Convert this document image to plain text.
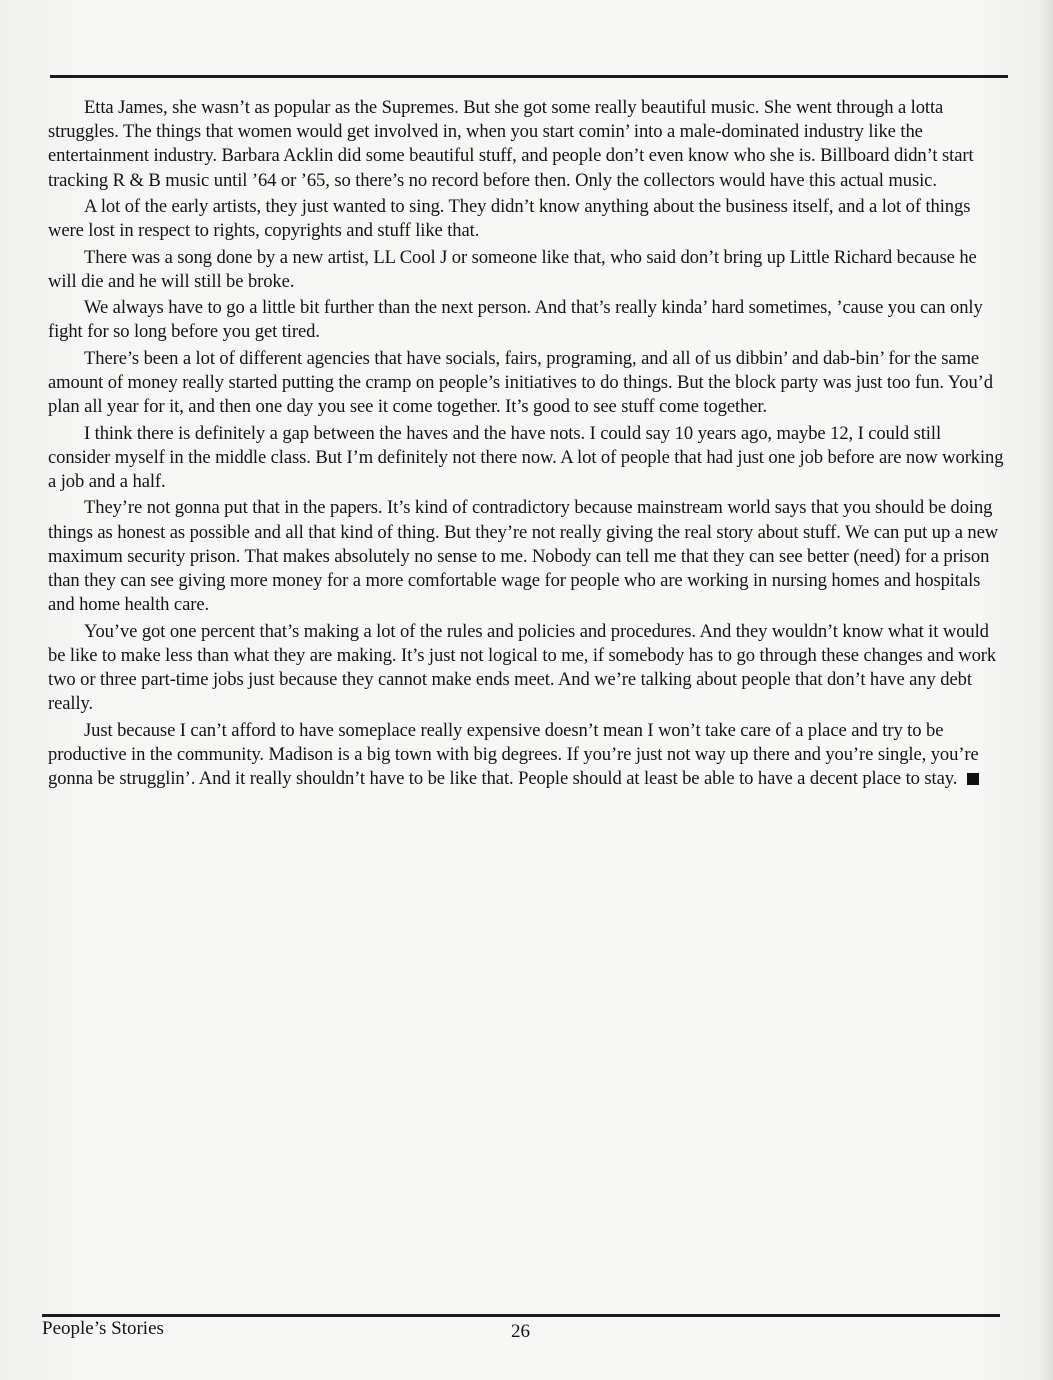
Etta James, she wasn’t as popular as the Supremes. But she got some really beautiful music. She went through a lotta struggles. The things that women would get involved in, when you start comin’ into a male-dominated industry like the entertainment industry. Barbara Acklin did some beautiful stuff, and people don’t even know who she is. Billboard didn’t start tracking R & B music until ’64 or ’65, so there’s no record before then. Only the collectors would have this actual music.

A lot of the early artists, they just wanted to sing. They didn’t know anything about the business itself, and a lot of things were lost in respect to rights, copyrights and stuff like that.

There was a song done by a new artist, LL Cool J or someone like that, who said don’t bring up Little Richard because he will die and he will still be broke.

We always have to go a little bit further than the next person. And that’s really kinda’ hard sometimes, ’cause you can only fight for so long before you get tired.

There’s been a lot of different agencies that have socials, fairs, programing, and all of us dibbin’ and dab-bin’ for the same amount of money really started putting the cramp on people’s initiatives to do things. But the block party was just too fun. You’d plan all year for it, and then one day you see it come together. It’s good to see stuff come together.

I think there is definitely a gap between the haves and the have nots. I could say 10 years ago, maybe 12, I could still consider myself in the middle class. But I’m definitely not there now. A lot of people that had just one job before are now working a job and a half.

They’re not gonna put that in the papers. It’s kind of contradictory because mainstream world says that you should be doing things as honest as possible and all that kind of thing. But they’re not really giving the real story about stuff. We can put up a new maximum security prison. That makes absolutely no sense to me. Nobody can tell me that they can see better (need) for a prison than they can see giving more money for a more comfortable wage for people who are working in nursing homes and hospitals and home health care.

You’ve got one percent that’s making a lot of the rules and policies and procedures. And they wouldn’t know what it would be like to make less than what they are making. It’s just not logical to me, if somebody has to go through these changes and work two or three part-time jobs just because they cannot make ends meet. And we’re talking about people that don’t have any debt really.

Just because I can’t afford to have someplace really expensive doesn’t mean I won’t take care of a place and try to be productive in the community. Madison is a big town with big degrees. If you’re just not way up there and you’re single, you’re gonna be strugglin’. And it really shouldn’t have to be like that. People should at least be able to have a decent place to stay.

People’s Stories	26
